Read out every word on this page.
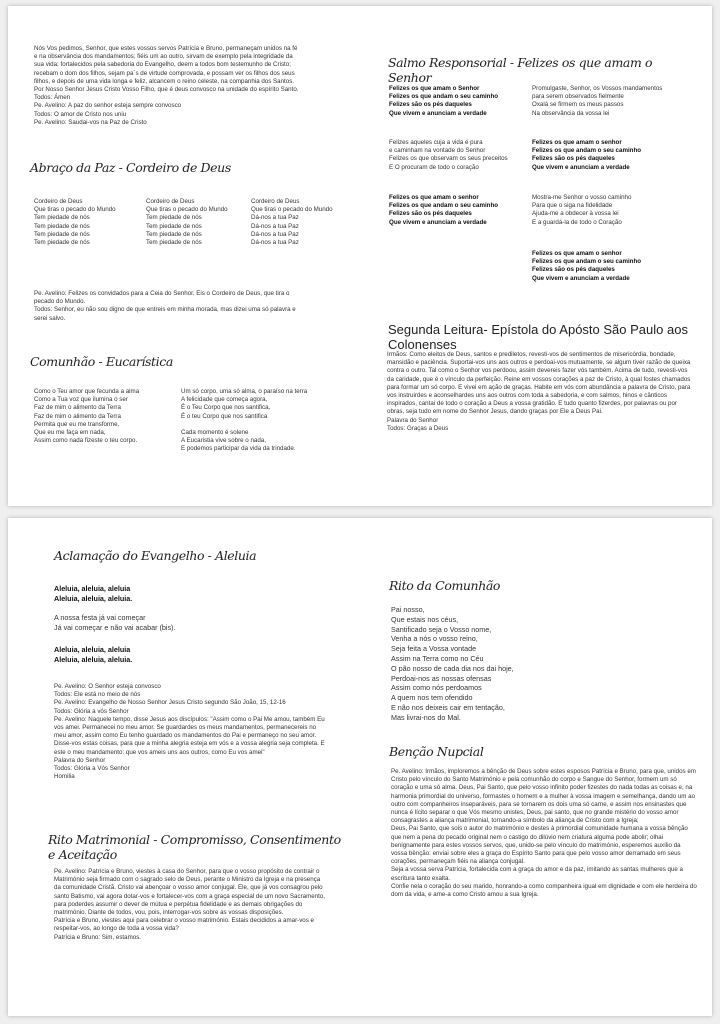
Nós Vos pedimos, Senhor, que estes vossos servos Patrícia e Bruno, permaneçam unidos na fé e na observância dos mandamentos; fiéis um ao outro, sirvam de exemplo pela integridade da sua vida; fortalecidos pela sabedoria do Evangelho, deem a todos bom testemunho de Cristo; recebam o dom dos filhos, sejam pa´s de virtude comprovada, e possam ver os filhos dos seus filhos, e depois de uma vida longa e feliz, alcancem o reino celeste, na companhia dos Santos.
Por Nosso Senhor Jesus Cristo Vosso Filho, que é deus convosco na unidade do espírito Santo.
Todos: Ámen
Pe. Avelino: A paz do senhor esteja sempre convosco
Todos: O amor de Cristo nos uniu
Pe. Avelino: Saudai-vos na Paz de Cristo
Abraço da Paz - Cordeiro de Deus
Cordeiro de Deus
Que tiras o pecado do Mundo
Tem piedade de nós
Tem piedade de nós
Tem piedade de nós
Tem piedade de nós
Cordeiro de Deus
Que tiras o pecado do Mundo
Tem piedade de nós
Tem piedade de nós
Tem piedade de nós
Tem piedade de nós
Cordeiro de Deus
Que tiras o pecado do Mundo
Dá-nos a tua Paz
Dá-nos a tua Paz
Dá-nos a tua Paz
Dá-nos a tua Paz
Pe. Avelino: Felizes os convidados para a Ceia do Senhor. Eis o Cordeiro de Deus, que tira o pecado do Mundo.
Todos: Senhor, eu não sou digno de que entreis em minha morada, mas dizei uma só palavra e serei salvo.
Comunhão - Eucarística
Como o Teu amor que fecunda a alma
Como a Tua voz que ilumina o ser
Faz de mim o alimento da Terra
Faz de mim o alimento da Terra
Permita que eu me transforme,
Que eu me faça em nada,
Assim como nada fizeste o teu corpo.
Um só corpo, uma só alma, o paraíso na terra
A felicidade que começa agora,
É o Teu Corpo que nos santifica,
É o teu Corpo que nos santifica

Cada momento é solene
A Eucaristia vive sobre o nada,
E podemos participar da vida da trindade.
Salmo Responsorial - Felizes os que amam o Senhor
Felizes os que amam o Senhor
Felizes os que andam o seu caminho
Felizes são os pés daqueles
Que vivem e anunciam a verdade
Promulgaste, Senhor, os Vossos mandamentos
para serem observados fielmente
Oxalá se firmem os meus passos
Na observância da vossa lei
Felizes aqueles cuja a vida é pura
e caminham na vontade do Senhor
Felizes os que observam os seus preceitos
E O procuram de todo o coração
Felizes os que amam o senhor
Felizes os que andam o seu caminho
Felizes são os pés daqueles
Que vivem e anunciam a verdade
Felizes os que amam o senhor
Felizes os que andam o seu caminho
Felizes são os pés daqueles
Que vivem e anunciam a verdade
Mostra-me Senhor o vosso caminho
Para que o siga na fidelidade
Ajuda-me a obdecer à vossa lei
E a guardá-la de todo o Coração
Felizes os que amam o senhor
Felizes os que andam o seu caminho
Felizes são os pés daqueles
Que vivem e anunciam a verdade
Segunda Leitura- Epístola do Apósto São Paulo aos Colonenses
Irmãos: Como eleitos de Deus, santos e prediletos, revesti-vos de sentimentos de misericórdia, bondade, mansidão e paciência. Suportai-vos uns aos outros e perdoai-vos mutuamente, se algum tiver razão de queixa contra o outro. Tal como o Senhor vos perdoou, assim devereis fazer vós também. Acima de tudo, revesti-vos da caridade, que é o vínculo da perfeição. Reine em vossos corações a paz de Cristo, à qual fostes chamados para formar um só corpo. E vivei em ação de graças. Habite em vós com abundância a palavra de Cristo, para vos instruirdes e aconselhardes uns aos outros com toda a sabedoria, e com salmos, hinos e cânticos inspirados, cantai de todo o coração a Deus a vossa gratidão. E tudo quanto fizerdes, por palavras ou por obras, seja tudo em nome do Senhor Jesus, dando graças por Ele a Deus Pai.
Palavra do Senhor
Todos: Graças a Deus
Aclamação do Evangelho - Aleluia
Aleluia, aleluia, aleluia
Aleluia, aleluia, aleluia.
A nossa festa já vai começar
Já vai começar e não vai acabar (bis).
Aleluia, aleluia, aleluia
Aleluia, aleluia, aleluia.
Pe. Avelino: O Senhor esteja convosco
Todos: Ele está no meio de nós
Pe. Avelino: Evangelho de Nosso Senhor Jesus Cristo segundo São João, 15, 12-16
Todos: Glória a vós Senhor
Pe. Avelino: Naquele tempo, disse Jesus aos discípulos: "Assim como o Pai Me amou, também Eu vos amei. Permanecei no meu amor. Se guardardes os meus mandamentos, permanecereis no meu amor, assim como Eu tenho guardado os mandamentos do Pai e permaneço no seu amor. Disse-vos estas coisas, para que a minha alegria esteja em vós e a vossa alegria seja completa. E este o meu mandamento: que vos ameis uns aos outros, como Eu vos amei"
Palavra do Senhor
Todos: Glória a Vós Senhor
Homilia
Rito Matrimonial - Compromisso, Consentimento e Aceitação
Pe. Avelino: Patrícia e Bruno, viestes à casa do Senhor, para que o vosso propósito de contrair o Matrimónio seja firmado com o sagrado selo de Deus, perante o Ministro da Igreja e na presença da comunidade Cristã. Cristo vai abençoar o vosso amor conjugal. Ele, que já vos consagrou pelo santo Batismo, vai agora dotar-vos e fortalecer-vos com a graça especial de um novo Sacramento, para poderdes assumir o dever de mútua e perpétua fidelidade e as demais obrigações do matrimónio. Diante de todos, vou, pois, interrogar-vos sobre as vossas disposições.
Patrícia e Bruno, viestes aqui para celebrar o vosso matrimónio. Estais decididos a amar-vos e respeitar-vos, ao longo de toda a vossa vida?
Patrícia e Bruno: Sim, estamos.
Rito da Comunhão
Pai nosso,
Que estais nos céus,
Santificado seja o Vosso nome,
Venha a nós o vosso reino,
Seja feita a Vossa vontade
Assim na Terra como no Céu
O pão nosso de cada dia nos dai hoje,
Perdoai-nos as nossas ofensas
Assim como nós perdoamos
A quem nos tem ofendido
E não nos deixeis cair em tentação,
Mas livrai-nos do Mal.
Benção Nupcial
Pe. Avelino: Irmãos, imploremos a bênção de Deus sobre estes esposos Patrícia e Bruno, para que, unidos em Cristo pelo vínculo do Santo Matrimónio e pela comunhão do corpo e Sangue do Senhor, formem um só coração e uma só alma. Deus, Pai Santo, que pelo vosso infinito poder fizestes do nada todas as coisas e, na harmonia primordial do universo, formastes o homem e a mulher à vossa imagem e semelhança, dando um ao outro com companheiros inseparáveis, para se tornarem os dois uma só carne, e assim nos ensinastes que nunca é lícito separar o que Vós mesmo unistes, Deus, pai santo, que no grande mistério do vosso amor consagrastes a aliança matrimonial, tornando-a símbolo da aliança de Cristo com a Igreja;
Deus, Pai Santo, que sois o autor do matrimónio e destes à primordial comunidade humana a vossa bênção que nem a pena do pecado original nem o castigo do dilúvio nem criatura alguma pode abolir; olhai benignamente para estes vossos servos, que, unido-se pelo vínculo do matrimónio, esperemos auxílio da vossa bênção: enviai sobre eles a graça do Espírito Santo para que pelo vosso amor derramado em seus corações, permaneçam fiéis na aliança conjugal.
Seja a vossa serva Patrícia, fortalecida com a graça do amor e da paz, imitando as santas mulheres que a escritura tanto exalta.
Confie nela o coração do seu marido, honrando-a como companheira igual em dignidade e com ele herdeira do dom da vida, e ame-a como Cristo amou a sua Igreja.
